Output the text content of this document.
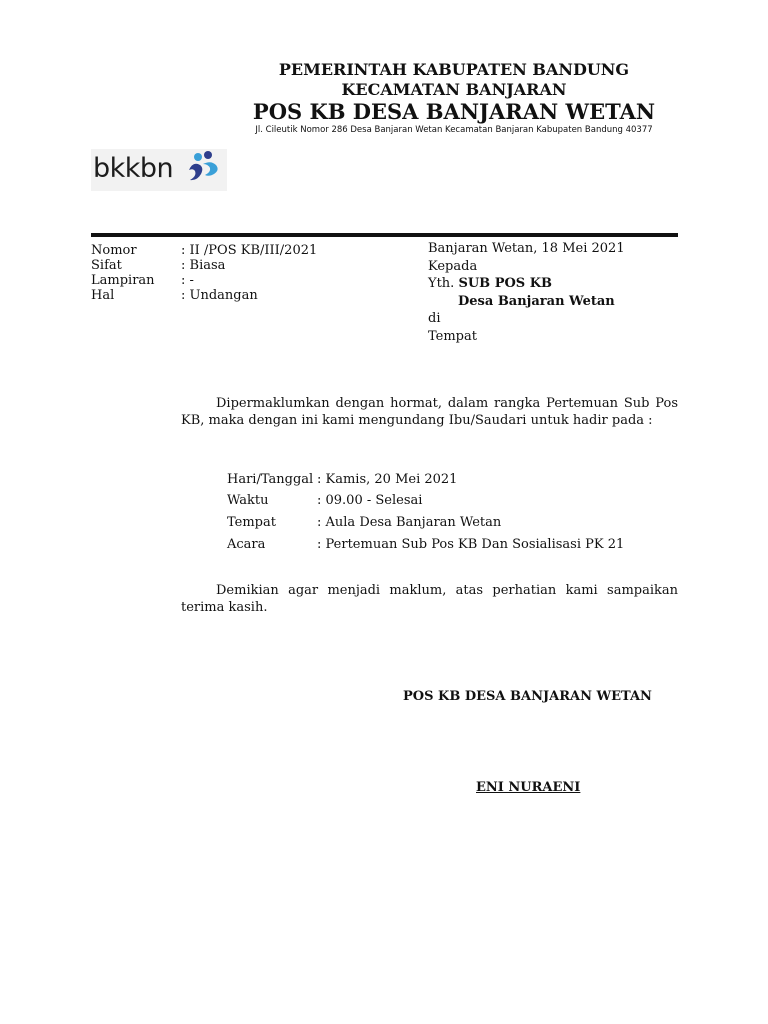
PEMERINTAH KABUPATEN BANDUNG
KECAMATAN BANJARAN
POS KB DESA BANJARAN WETAN
Jl. Cileutik Nomor 286 Desa Banjaran Wetan Kecamatan Banjaran Kabupaten Bandung 40377
bkkbn
Nomor	: II /POS KB/III/2021
Sifat	: Biasa
Lampiran : -
Hal	: Undangan
Banjaran Wetan, 18 Mei 2021
Kepada
Yth. SUB POS KB
Desa Banjaran Wetan
di
Tempat
Dipermaklumkan dengan hormat, dalam rangka Pertemuan Sub Pos KB, maka dengan ini kami mengundang Ibu/Saudari untuk hadir pada :
Hari/Tanggal : Kamis, 20 Mei 2021
Waktu	: 09.00 - Selesai
Tempat	: Aula Desa Banjaran Wetan
Acara	: Pertemuan Sub Pos KB Dan Sosialisasi PK 21
Demikian agar menjadi maklum, atas perhatian kami sampaikan terima kasih.
POS KB DESA BANJARAN WETAN
ENI NURAENI
